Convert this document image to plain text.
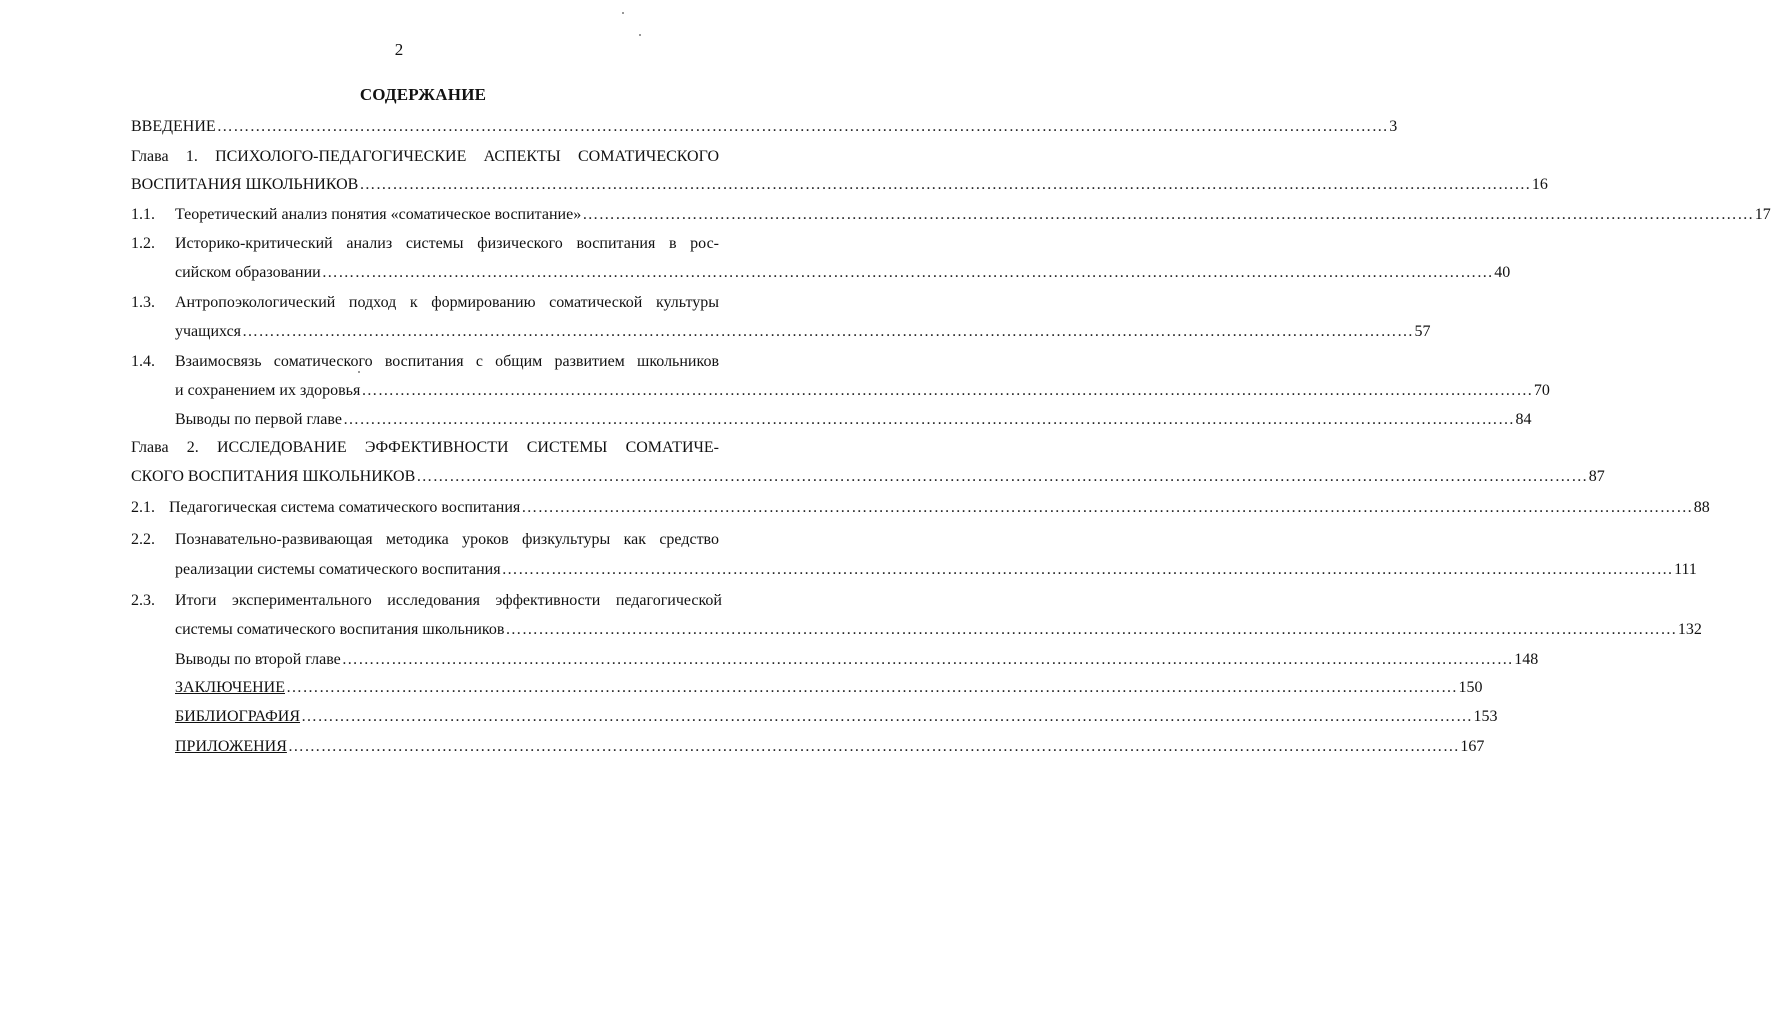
2
СОДЕРЖАНИЕ
ВВЕДЕНИЕ …………………………………………………………………………………………………………………………………………………………………………………………… 3
Глава 1. ПСИХОЛОГО-ПЕДАГОГИЧЕСКИЕ АСПЕКТЫ СОМАТИЧЕСКОГО
ВОСПИТАНИЯ ШКОЛЬНИКОВ …………………………………………………………………………………………………………………………………………………………………………………………… 16
1.1. Теоретический анализ понятия «соматическое воспитание» …………………………………………………………………………………………………………………………………………………………………………………………… 17
1.2. Историко-критический анализ системы физического воспитания в рос-
сийском образовании …………………………………………………………………………………………………………………………………………………………………………………………… 40
1.3. Антропоэкологический подход к формированию соматической культуры
учащихся …………………………………………………………………………………………………………………………………………………………………………………………… 57
1.4. Взаимосвязь соматического воспитания с общим развитием школьников
и сохранением их здоровья …………………………………………………………………………………………………………………………………………………………………………………………… 70
Выводы по первой главе …………………………………………………………………………………………………………………………………………………………………………………………… 84
Глава 2. ИССЛЕДОВАНИЕ ЭФФЕКТИВНОСТИ СИСТЕМЫ СОМАТИЧЕ-
СКОГО ВОСПИТАНИЯ ШКОЛЬНИКОВ …………………………………………………………………………………………………………………………………………………………………………………………… 87
2.1. Педагогическая система соматического воспитания …………………………………………………………………………………………………………………………………………………………………………………………… 88
2.2. Познавательно-развивающая методика уроков физкультуры как средство
реализации системы соматического воспитания …………………………………………………………………………………………………………………………………………………………………………………………… 111
2.3. Итоги экспериментального исследования эффективности педагогической
системы соматического воспитания школьников …………………………………………………………………………………………………………………………………………………………………………………………… 132
Выводы по второй главе …………………………………………………………………………………………………………………………………………………………………………………………… 148
ЗАКЛЮЧЕНИЕ …………………………………………………………………………………………………………………………………………………………………………………………… 150
БИБЛИОГРАФИЯ …………………………………………………………………………………………………………………………………………………………………………………………… 153
ПРИЛОЖЕНИЯ …………………………………………………………………………………………………………………………………………………………………………………………… 167
